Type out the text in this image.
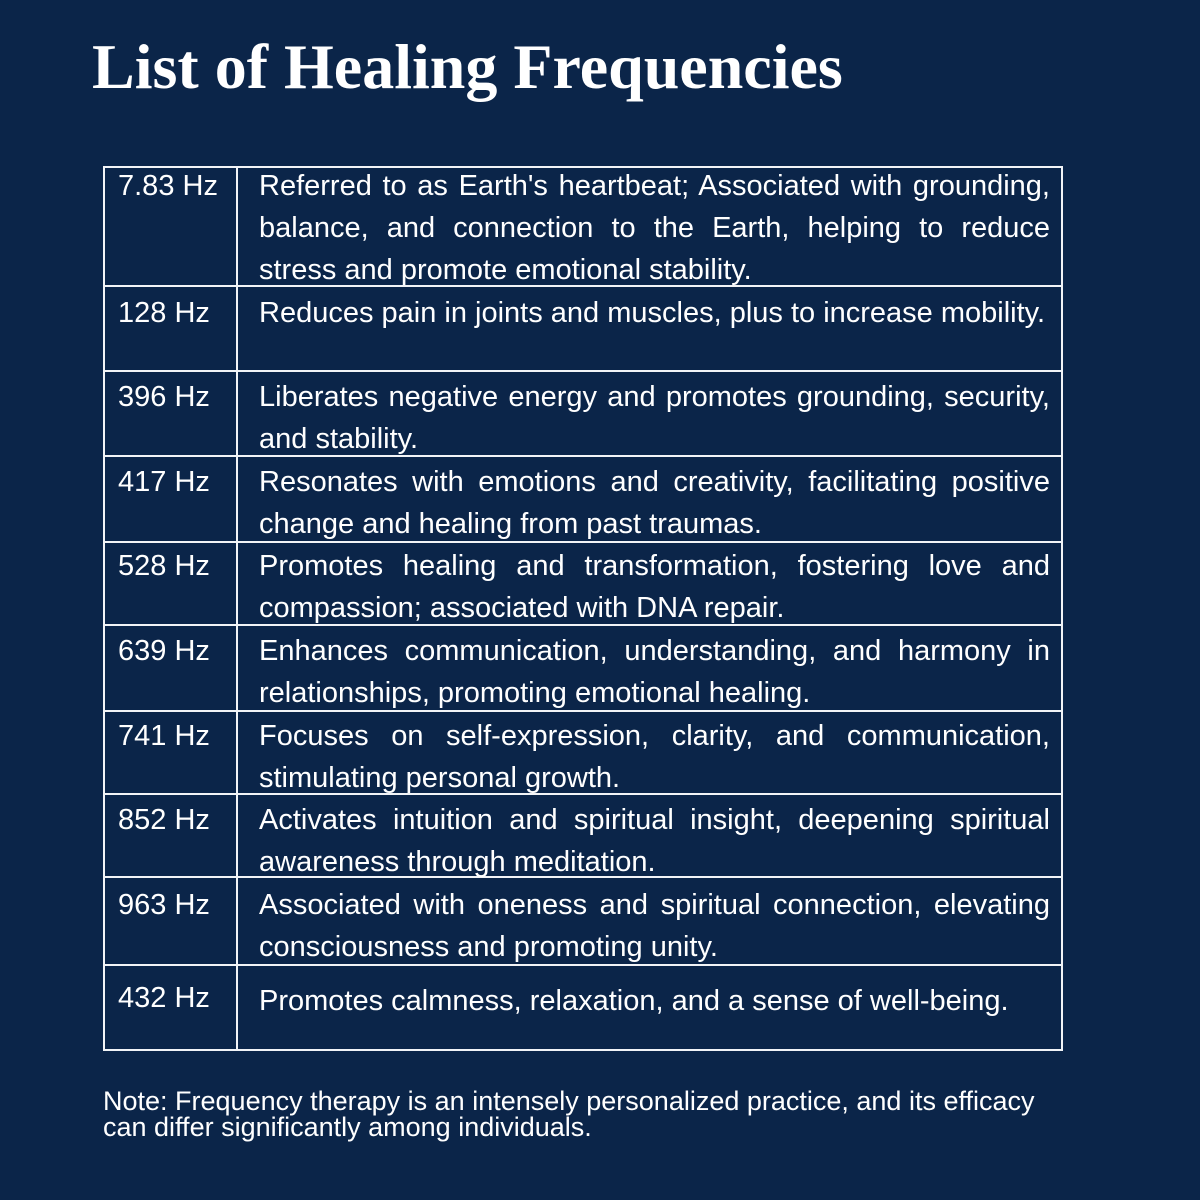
List of Healing Frequencies
7.83 Hz	Referred to as Earth's heartbeat; Associated with grounding, balance, and connection to the Earth, helping to reduce stress and promote emotional stability.
128 Hz	Reduces pain in joints and muscles, plus to increase mobility.
396 Hz	Liberates negative energy and promotes grounding, security, and stability.
417 Hz	Resonates with emotions and creativity, facilitating positive change and healing from past traumas.
528 Hz	Promotes healing and transformation, fostering love and compassion; associated with DNA repair.
639 Hz	Enhances communication, understanding, and harmony in relationships, promoting emotional healing.
741 Hz	Focuses on self-expression, clarity, and communication, stimulating personal growth.
852 Hz	Activates intuition and spiritual insight, deepening spiritual awareness through meditation.
963 Hz	Associated with oneness and spiritual connection, elevating consciousness and promoting unity.
432 Hz	Promotes calmness, relaxation, and a sense of well-being.
Note: Frequency therapy is an intensely personalized practice, and its efficacy can differ significantly among individuals.
